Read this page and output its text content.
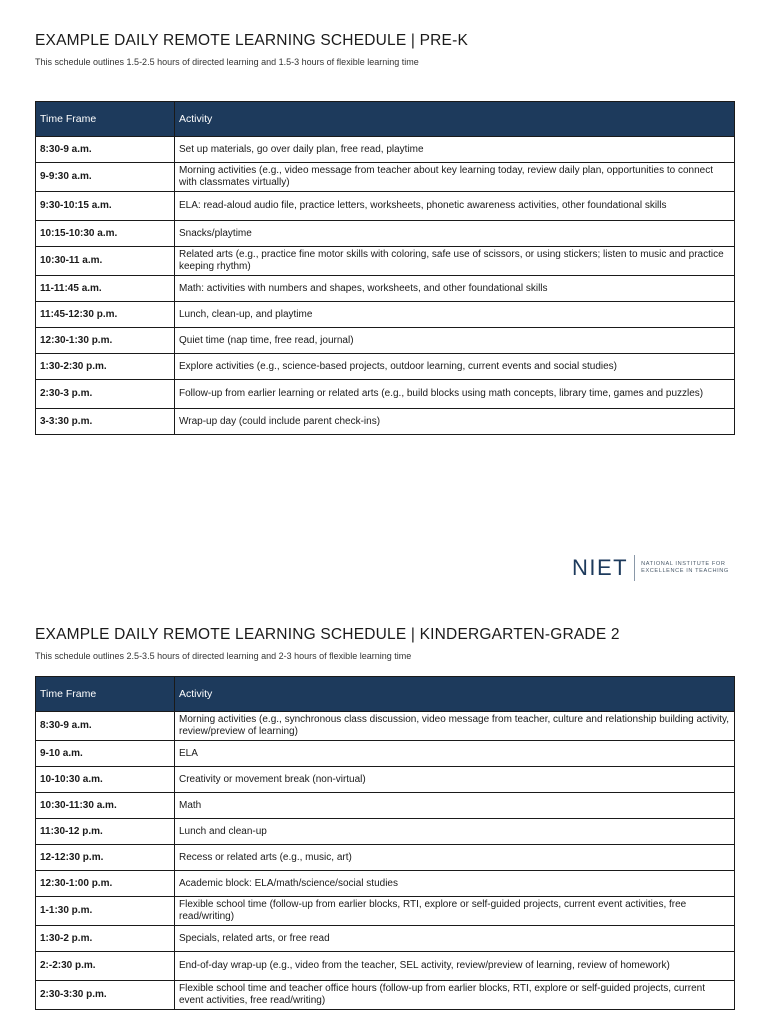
EXAMPLE DAILY REMOTE LEARNING SCHEDULE | PRE-K

This schedule outlines 1.5-2.5 hours of directed learning and 1.5-3 hours of flexible learning time

Time Frame	Activity
8:30-9 a.m.	Set up materials, go over daily plan, free read, playtime
9-9:30 a.m.	Morning activities (e.g., video message from teacher about key learning today, review daily plan, opportunities to connect with classmates virtually)
9:30-10:15 a.m.	ELA: read-aloud audio file, practice letters, worksheets, phonetic awareness activities, other foundational skills
10:15-10:30 a.m.	Snacks/playtime
10:30-11 a.m.	Related arts (e.g., practice fine motor skills with coloring, safe use of scissors, or using stickers; listen to music and practice keeping rhythm)
11-11:45 a.m.	Math: activities with numbers and shapes, worksheets, and other foundational skills
11:45-12:30 p.m.	Lunch, clean-up, and playtime
12:30-1:30 p.m.	Quiet time (nap time, free read, journal)
1:30-2:30 p.m.	Explore activities (e.g., science-based projects, outdoor learning, current events and social studies)
2:30-3 p.m.	Follow-up from earlier learning or related arts (e.g., build blocks using math concepts, library time, games and puzzles)
3-3:30 p.m.	Wrap-up day (could include parent check-ins)
NIET NATIONAL INSTITUTE FOR
EXCELLENCE IN TEACHING
EXAMPLE DAILY REMOTE LEARNING SCHEDULE | KINDERGARTEN-GRADE 2

This schedule outlines 2.5-3.5 hours of directed learning and 2-3 hours of flexible learning time

Time Frame	Activity
8:30-9 a.m.	Morning activities (e.g., synchronous class discussion, video message from teacher, culture and relationship building activity, review/preview of learning)
9-10 a.m.	ELA
10-10:30 a.m.	Creativity or movement break (non-virtual)
10:30-11:30 a.m.	Math
11:30-12 p.m.	Lunch and clean-up
12-12:30 p.m.	Recess or related arts (e.g., music, art)
12:30-1:00 p.m.	Academic block: ELA/math/science/social studies
1-1:30 p.m.	Flexible school time (follow-up from earlier blocks, RTI, explore or self-guided projects, current event activities, free read/writing)
1:30-2 p.m.	Specials, related arts, or free read
2:-2:30 p.m.	End-of-day wrap-up (e.g., video from the teacher, SEL activity, review/preview of learning, review of homework)
2:30-3:30 p.m.	Flexible school time and teacher office hours (follow-up from earlier blocks, RTI, explore or self-guided projects, current event activities, free read/writing)
